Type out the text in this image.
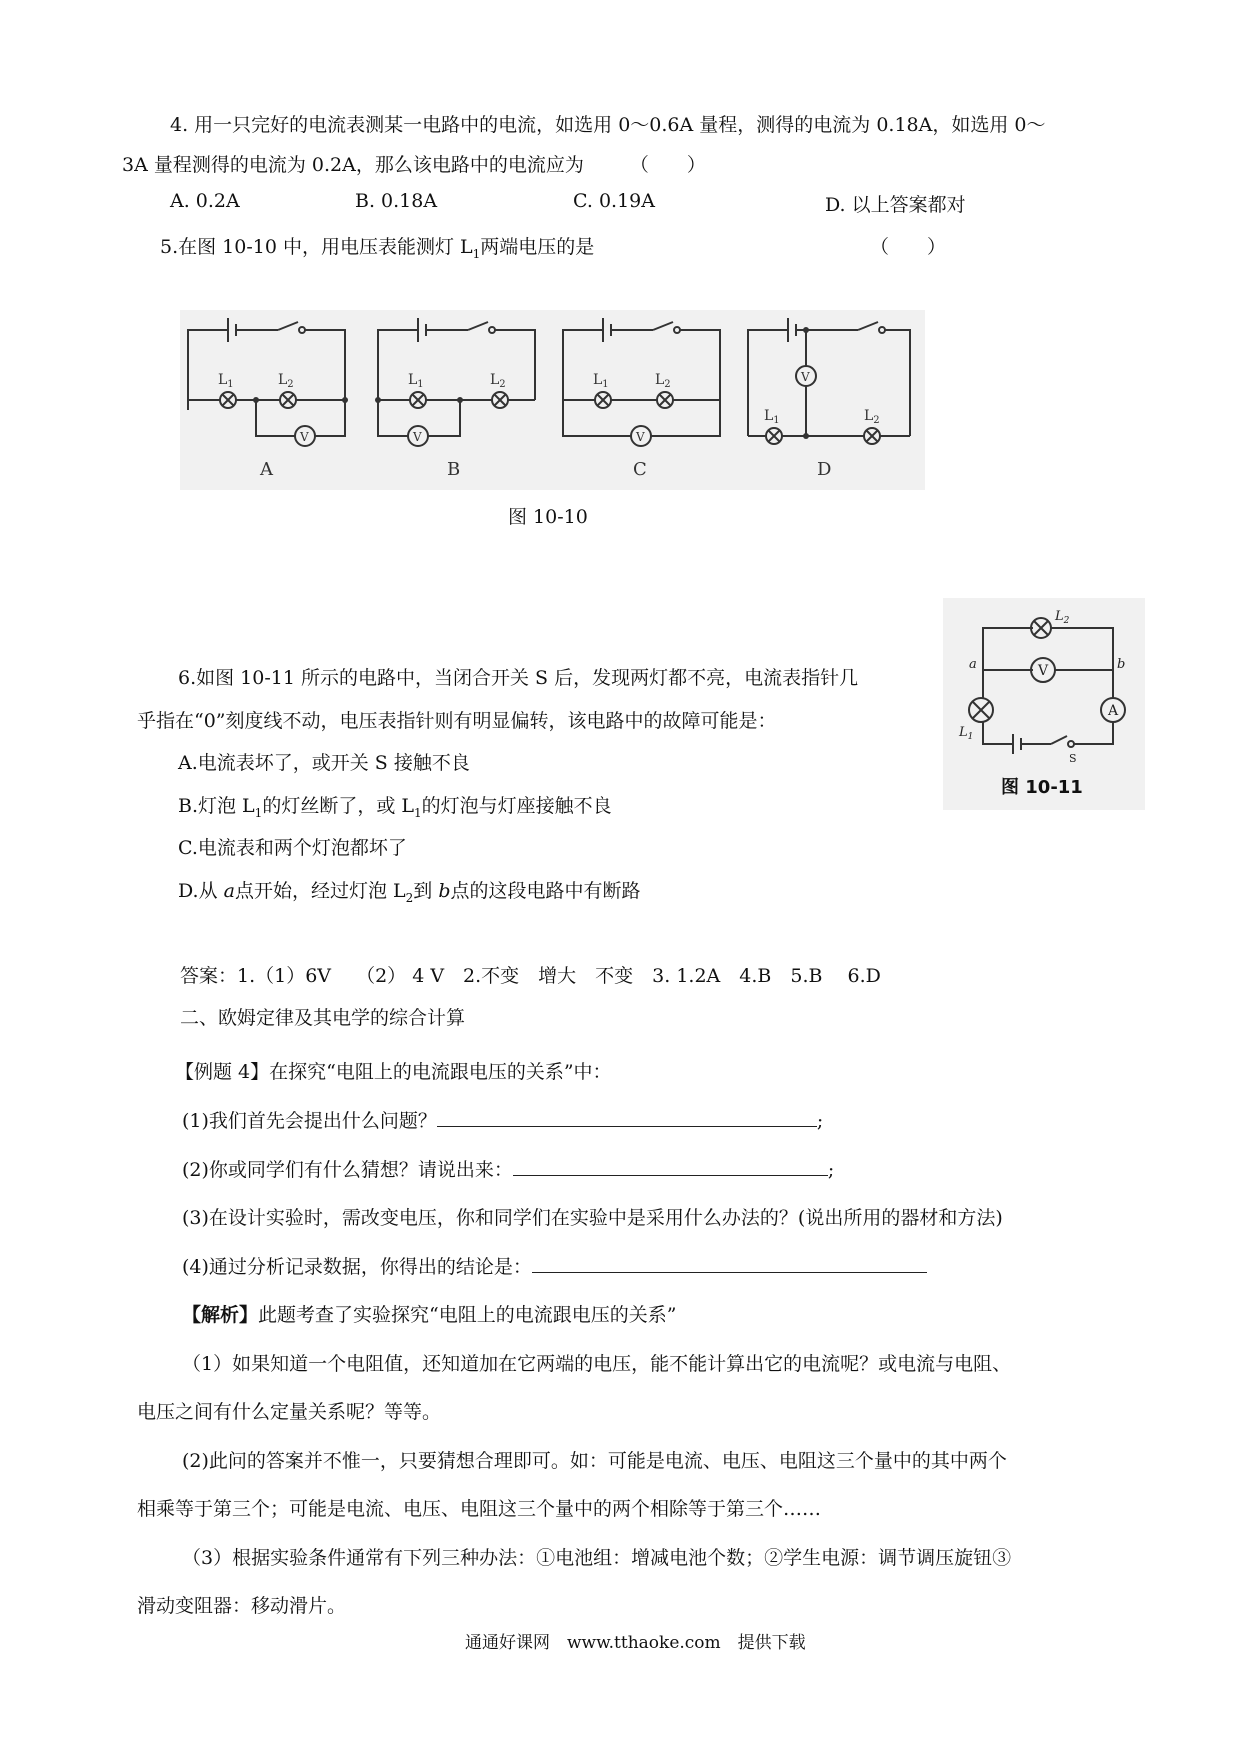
4. 用一只完好的电流表测某一电路中的电流，如选用 0～0.6A 量程，测得的电流为 0.18A，如选用 0～
3A 量程测得的电流为 0.2A，那么该电路中的电流应为 （　　）
A. 0.2A	B. 0.18A	C. 0.19A	D. 以上答案都对
5.在图 10-10 中，用电压表能测灯 $L_1$两端电压的是	（　　）
$L_1$	$L_2$
V
$L_1$	$L_2$
V
$L_1$	$L_2$
V
V
$L_1$	$L_2$
A	B	C	D
图 10-10
$L_2$
V
a	b
A
$L_1$
S
图 10-11
6.如图 10-11 所示的电路中，当闭合开关 S 后，发现两灯都不亮，电流表指针几
乎指在“0”刻度线不动，电压表指针则有明显偏转，该电路中的故障可能是：
A.电流表坏了，或开关 S 接触不良
B.灯泡 $L_1$的灯丝断了，或 $L_1$的灯泡与灯座接触不良
C.电流表和两个灯泡都坏了
D.从 a点开始，经过灯泡 $L_2$到 b点的这段电路中有断路
答案：1.（1）6V　 （2） 4 V　2.不变　增大　不变　3. 1.2A　4.B　5.B　 6.D
二、欧姆定律及其电学的综合计算
【例题 4】在探究“电阻上的电流跟电压的关系”中：
(1)我们首先会提出什么问题？	;
(2)你或同学们有什么猜想？请说出来：	;
(3)在设计实验时，需改变电压，你和同学们在实验中是采用什么办法的？(说出所用的器材和方法)
(4)通过分析记录数据，你得出的结论是：
【解析】此题考查了实验探究“电阻上的电流跟电压的关系”
（1）如果知道一个电阻值，还知道加在它两端的电压，能不能计算出它的电流呢？或电流与电阻、
电压之间有什么定量关系呢？等等。
(2)此问的答案并不惟一，只要猜想合理即可。如：可能是电流、电压、电阻这三个量中的其中两个
相乘等于第三个；可能是电流、电压、电阻这三个量中的两个相除等于第三个……
（3）根据实验条件通常有下列三种办法：①电池组：增减电池个数；②学生电源：调节调压旋钮③
滑动变阻器：移动滑片。
通通好课网　www.tthaoke.com　提供下载
